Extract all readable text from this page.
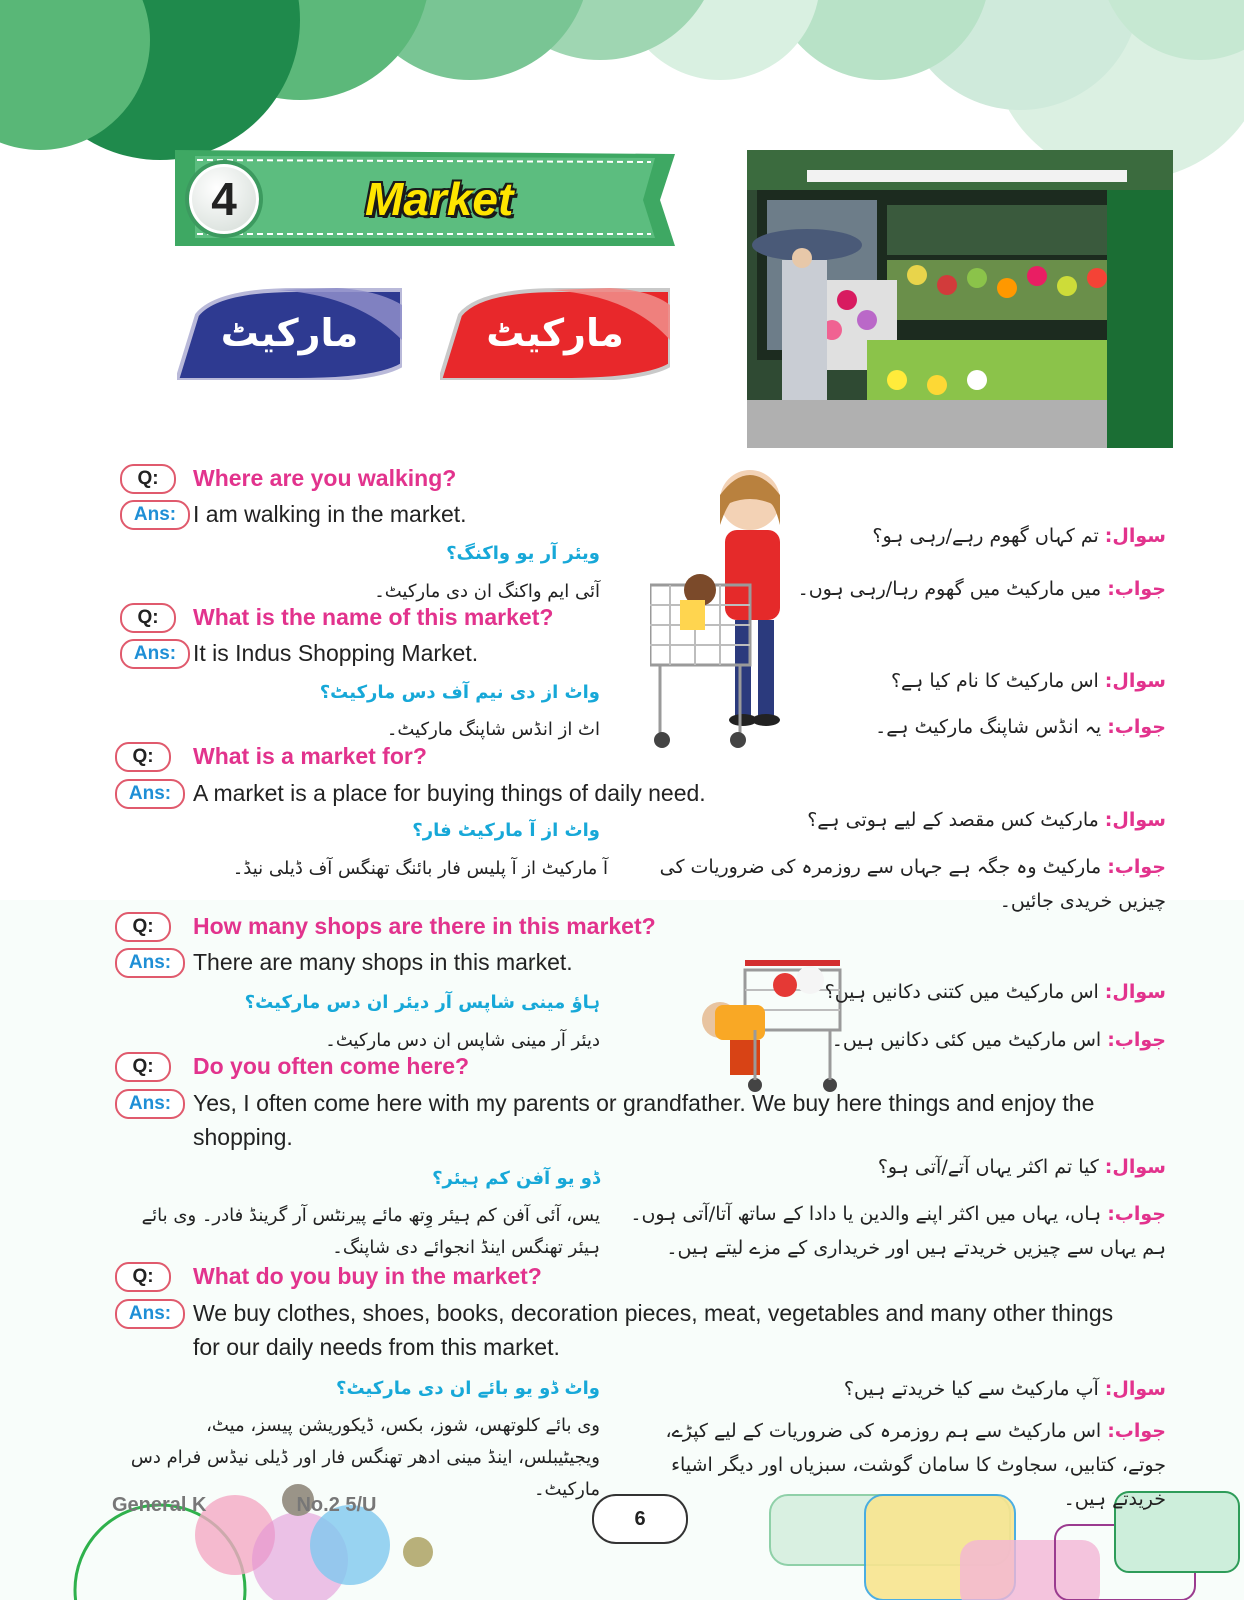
4	Market
مارکیٹ	مارکیٹ
Q:	Where are you walking?
Ans: I am walking in the market.
ویئر آر یو واکنگ؟
آئی ایم واکنگ ان دی مارکیٹ۔
سوال:تم کہاں گھوم رہے/رہی ہو؟
جواب:میں مارکیٹ میں گھوم رہا/رہی ہوں۔
Q:	What is the name of this market?
Ans: It is Indus Shopping Market.
واٹ از دی نیم آف دس مارکیٹ؟
اٹ از انڈس شاپنگ مارکیٹ۔
سوال:اس مارکیٹ کا نام کیا ہے؟
جواب:یہ انڈس شاپنگ مارکیٹ ہے۔
Q:	What is a market for?
Ans: A market is a place for buying things of daily need.
واٹ از آ مارکیٹ فار؟
آ مارکیٹ از آ پلیس فار بائنگ تھنگس آف ڈیلی نیڈ۔
سوال:مارکیٹ کس مقصد کے لیے ہوتی ہے؟
جواب:مارکیٹ وہ جگہ ہے جہاں سے روزمرہ کی ضروریات کی چیزیں خریدی جائیں۔
Q:	How many shops are there in this market?
Ans: There are many shops in this market.
ہاؤ مینی شاپس آر دیئر ان دس مارکیٹ؟
دیئر آر مینی شاپس ان دس مارکیٹ۔
سوال:اس مارکیٹ میں کتنی دکانیں ہیں؟
جواب:اس مارکیٹ میں کئی دکانیں ہیں۔
Q:	Do you often come here?
Ans: Yes, I often come here with my parents or grandfather. We buy here things and enjoy the shopping.
ڈو یو آفن کم ہیئر؟
یس، آئی آفن کم ہیئر وِتھ مائے پیرنٹس آر گرینڈ فادر۔ وی بائے ہیئر تھنگس اینڈ انجوائے دی شاپنگ۔
سوال:کیا تم اکثر یہاں آتے/آتی ہو؟
جواب:ہاں، یہاں میں اکثر اپنے والدین یا دادا کے ساتھ آتا/آتی ہوں۔ ہم یہاں سے چیزیں خریدتے ہیں اور خریداری کے مزے لیتے ہیں۔
Q:	What do you buy in the market?
Ans: We buy clothes, shoes, books, decoration pieces, meat, vegetables and many other things for our daily needs from this market.
واٹ ڈو یو بائے ان دی مارکیٹ؟
وی بائے کلوتھس، شوز، بکس، ڈیکوریشن پیسز، میٹ، ویجیٹیبلس، اینڈ مینی ادھر تھنگس فار اور ڈیلی نیڈس فرام دس مارکیٹ۔
سوال:آپ مارکیٹ سے کیا خریدتے ہیں؟
جواب:اس مارکیٹ سے ہم روزمرہ کی ضروریات کے لیے کپڑے، جوتے، کتابیں، سجاوٹ کا سامان گوشت، سبزیاں اور دیگر اشیاء خریدتے ہیں۔
General K	No.2 5/U
6
